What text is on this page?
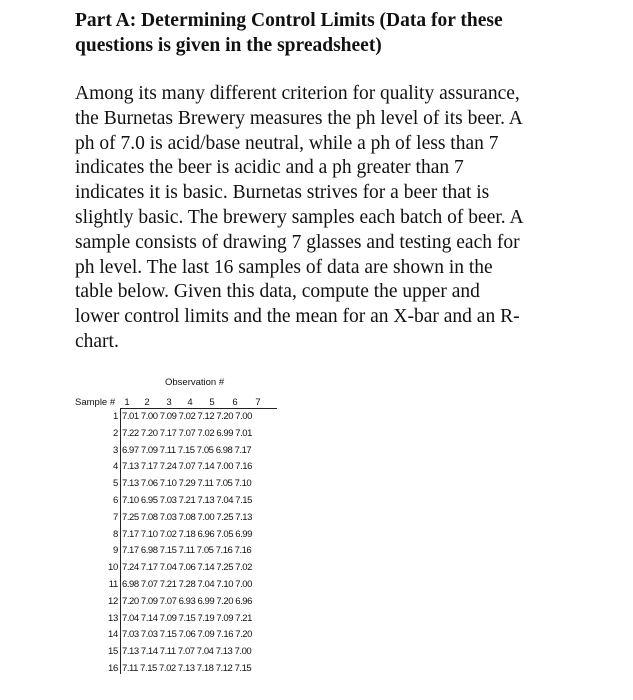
Part A: Determining Control Limits (Data for these
questions is given in the spreadsheet)
Among its many different criterion for quality assurance,
the Burnetas Brewery measures the ph level of its beer. A
ph of 7.0 is acid/base neutral, while a ph of less than 7
indicates the beer is acidic and a ph greater than 7
indicates it is basic. Burnetas strives for a beer that is
slightly basic. The brewery samples each batch of beer. A
sample consists of drawing 7 glasses and testing each for
ph level. The last 16 samples of data are shown in the
table below. Given this data, compute the upper and
lower control limits and the mean for an X-bar and an R-
chart.
Observation #
Sample # 1	2	3	4	5	6	7
1 7.01 7.00 7.09 7.02 7.12 7.20 7.00
2 7.22 7.20 7.17 7.07 7.02 6.99 7.01
3 6.97 7.09 7.11 7.15 7.05 6.98 7.17
4 7.13 7.17 7.24 7.07 7.14 7.00 7.16
5 7.13 7.06 7.10 7.29 7.11 7.05 7.10
6 7.10 6.95 7.03 7.21 7.13 7.04 7.15
7 7.25 7.08 7.03 7.08 7.00 7.25 7.13
8 7.17 7.10 7.02 7.18 6.96 7.05 6.99
9 7.17 6.98 7.15 7.11 7.05 7.16 7.16
10 7.24 7.17 7.04 7.06 7.14 7.25 7.02
11 6.98 7.07 7.21 7.28 7.04 7.10 7.00
12 7.20 7.09 7.07 6.93 6.99 7.20 6.96
13 7.04 7.14 7.09 7.15 7.19 7.09 7.21
14 7.03 7.03 7.15 7.06 7.09 7.16 7.20
15 7.13 7.14 7.11 7.07 7.04 7.13 7.00
16 7.11 7.15 7.02 7.13 7.18 7.12 7.15
